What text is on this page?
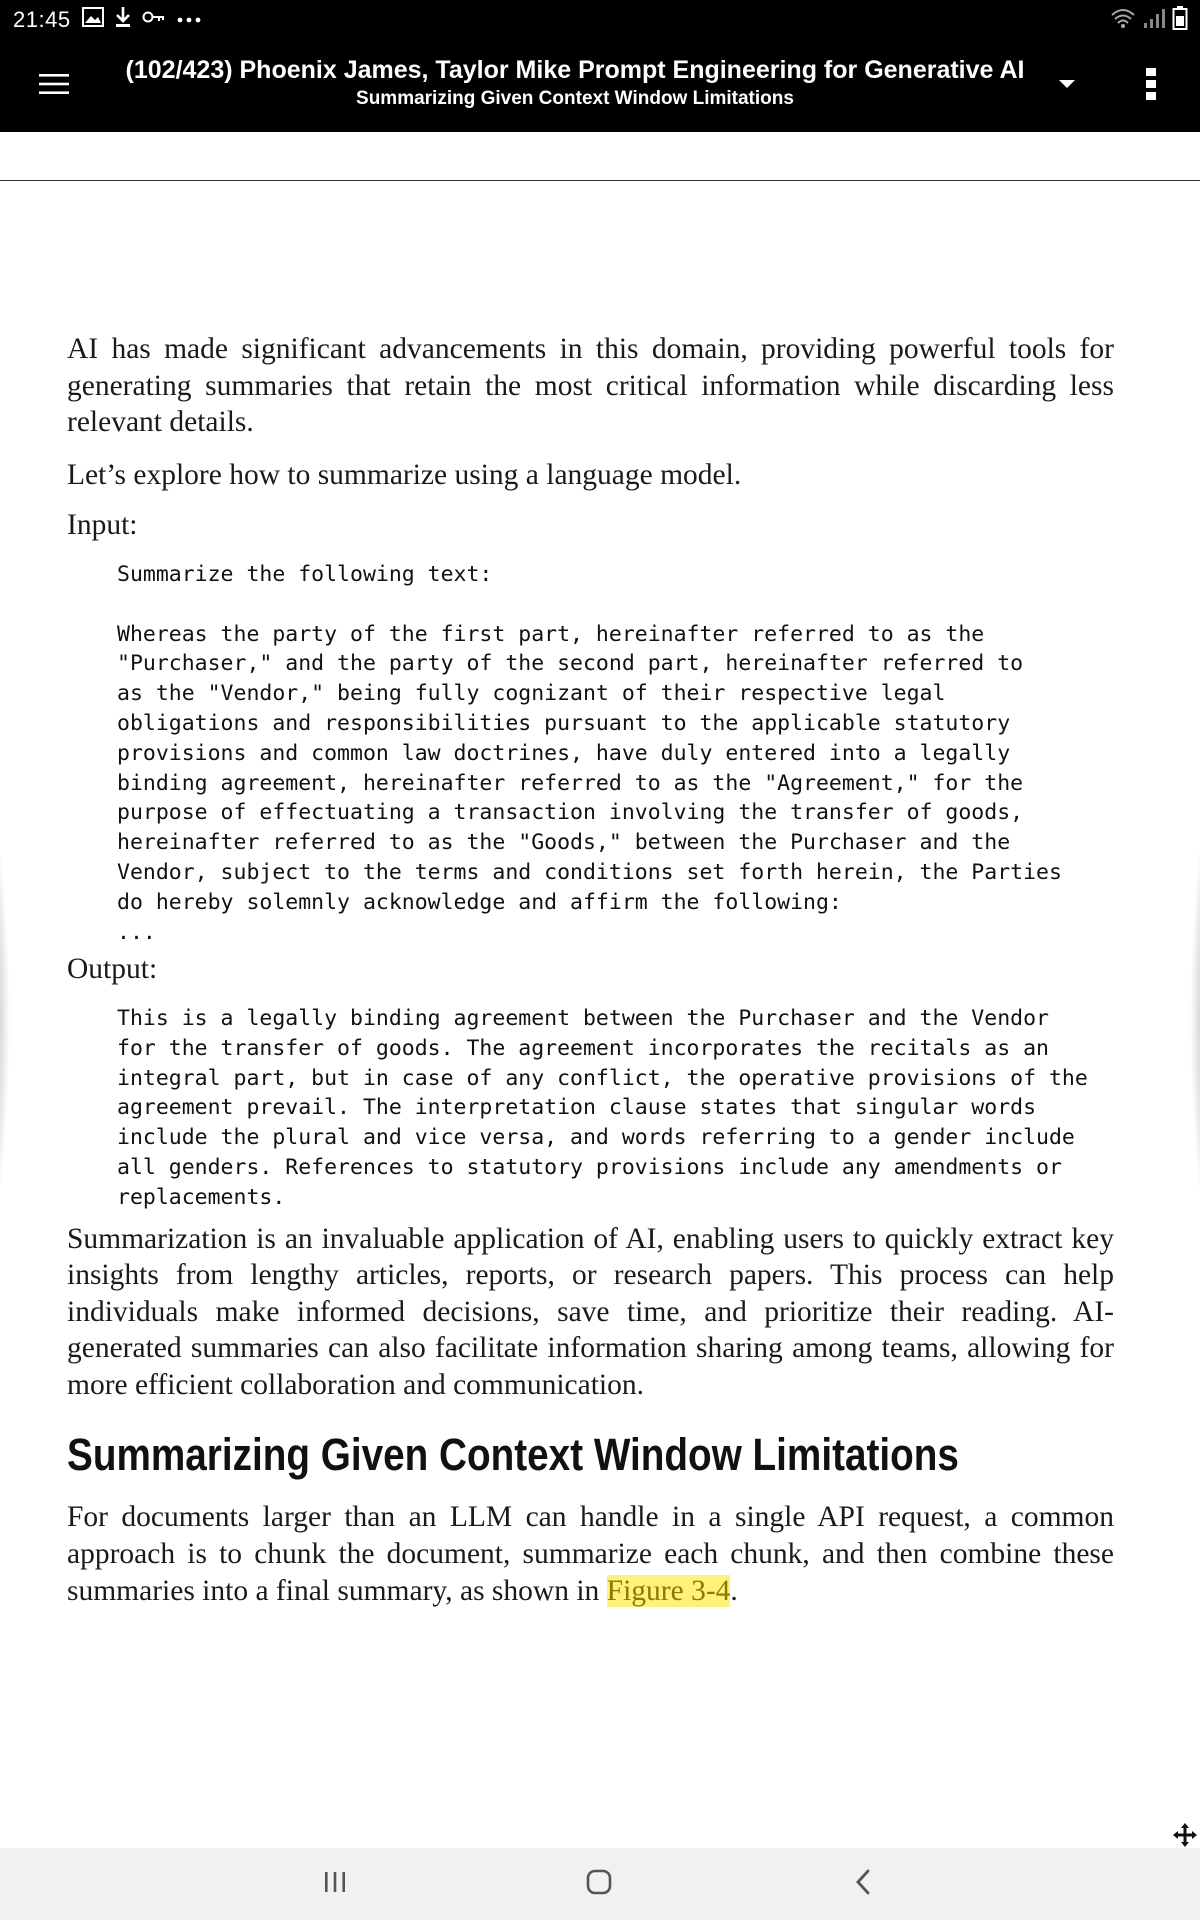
21:45
(102/423) Phoenix James, Taylor Mike Prompt Engineering for Generative AI
Summarizing Given Context Window Limitations

AI has made significant advancements in this domain, providing powerful tools for generating summaries that retain the most critical information while discarding less relevant details.

Let’s explore how to summarize using a language model.

Input:

Summarize the following text:

Whereas the party of the first part, hereinafter referred to as the
"Purchaser," and the party of the second part, hereinafter referred to
as the "Vendor," being fully cognizant of their respective legal
obligations and responsibilities pursuant to the applicable statutory
provisions and common law doctrines, have duly entered into a legally
binding agreement, hereinafter referred to as the "Agreement," for the
purpose of effectuating a transaction involving the transfer of goods,
hereinafter referred to as the "Goods," between the Purchaser and the
Vendor, subject to the terms and conditions set forth herein, the Parties
do hereby solemnly acknowledge and affirm the following:
...

Output:

This is a legally binding agreement between the Purchaser and the Vendor
for the transfer of goods. The agreement incorporates the recitals as an
integral part, but in case of any conflict, the operative provisions of the
agreement prevail. The interpretation clause states that singular words
include the plural and vice versa, and words referring to a gender include
all genders. References to statutory provisions include any amendments or
replacements.

Summarization is an invaluable application of AI, enabling users to quickly extract key insights from lengthy articles, reports, or research papers. This process can help individuals make informed decisions, save time, and prioritize their reading. AI-generated summaries can also facilitate information sharing among teams, allowing for more efficient collaboration and communication.

Summarizing Given Context Window Limitations

For documents larger than an LLM can handle in a single API request, a common approach is to chunk the document, summarize each chunk, and then combine these summaries into a final summary, as shown in Figure 3-4.
